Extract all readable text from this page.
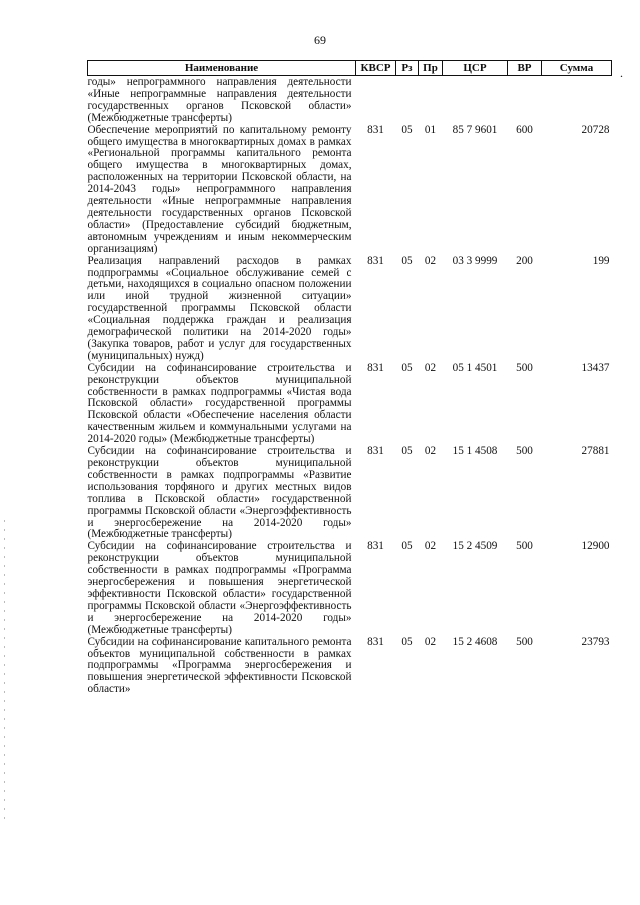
69
.
Наименование	КВСР	Рз	Пр	ЦСР	ВР	Сумма
годы» непрограммного направления деятельности «Иные непрограммные направления деятельности государственных органов Псковской области» (Межбюджетные трансферты)						
Обеспечение мероприятий по капитальному ремонту общего имущества в многоквартирных домах в рамках «Региональной программы капитального ремонта общего имущества в многоквартирных домах, расположенных на территории Псковской области, на 2014-2043 годы» непрограммного направления деятельности «Иные непрограммные направления деятельности государственных органов Псковской области» (Предоставление субсидий бюджетным, автономным учреждениям и иным некоммерческим организациям)	831	05	01	85 7 9601	600	20728
Реализация направлений расходов в рамках подпрограммы «Социальное обслуживание семей с детьми, находящихся в социально опасном положении или иной трудной жизненной ситуации» государственной программы Псковской области «Социальная поддержка граждан и реализация демографической политики на 2014-2020 годы» (Закупка товаров, работ и услуг для государственных (муниципальных) нужд)	831	05	02	03 3 9999	200	199
Субсидии на софинансирование строительства и реконструкции объектов муниципальной собственности в рамках подпрограммы «Чистая вода Псковской области» государственной программы Псковской области «Обеспечение населения области качественным жильем и коммунальными услугами на 2014-2020 годы» (Межбюджетные трансферты)	831	05	02	05 1 4501	500	13437
Субсидии на софинансирование строительства и реконструкции объектов муниципальной собственности в рамках подпрограммы «Развитие использования торфяного и других местных видов топлива в Псковской области» государственной программы Псковской области «Энергоэффективность и энергосбережение на 2014-2020 годы» (Межбюджетные трансферты)	831	05	02	15 1 4508	500	27881
Субсидии на софинансирование строительства и реконструкции объектов муниципальной собственности в рамках подпрограммы «Программа энергосбережения и повышения энергетической эффективности Псковской области» государственной программы Псковской области «Энергоэффективность и энергосбережение на 2014-2020 годы» (Межбюджетные трансферты)	831	05	02	15 2 4509	500	12900
Субсидии на софинансирование капитального ремонта объектов муниципальной собственности в рамках подпрограммы «Программа энергосбережения и повышения энергетической эффективности Псковской области»	831	05	02	15 2 4608	500	23793
